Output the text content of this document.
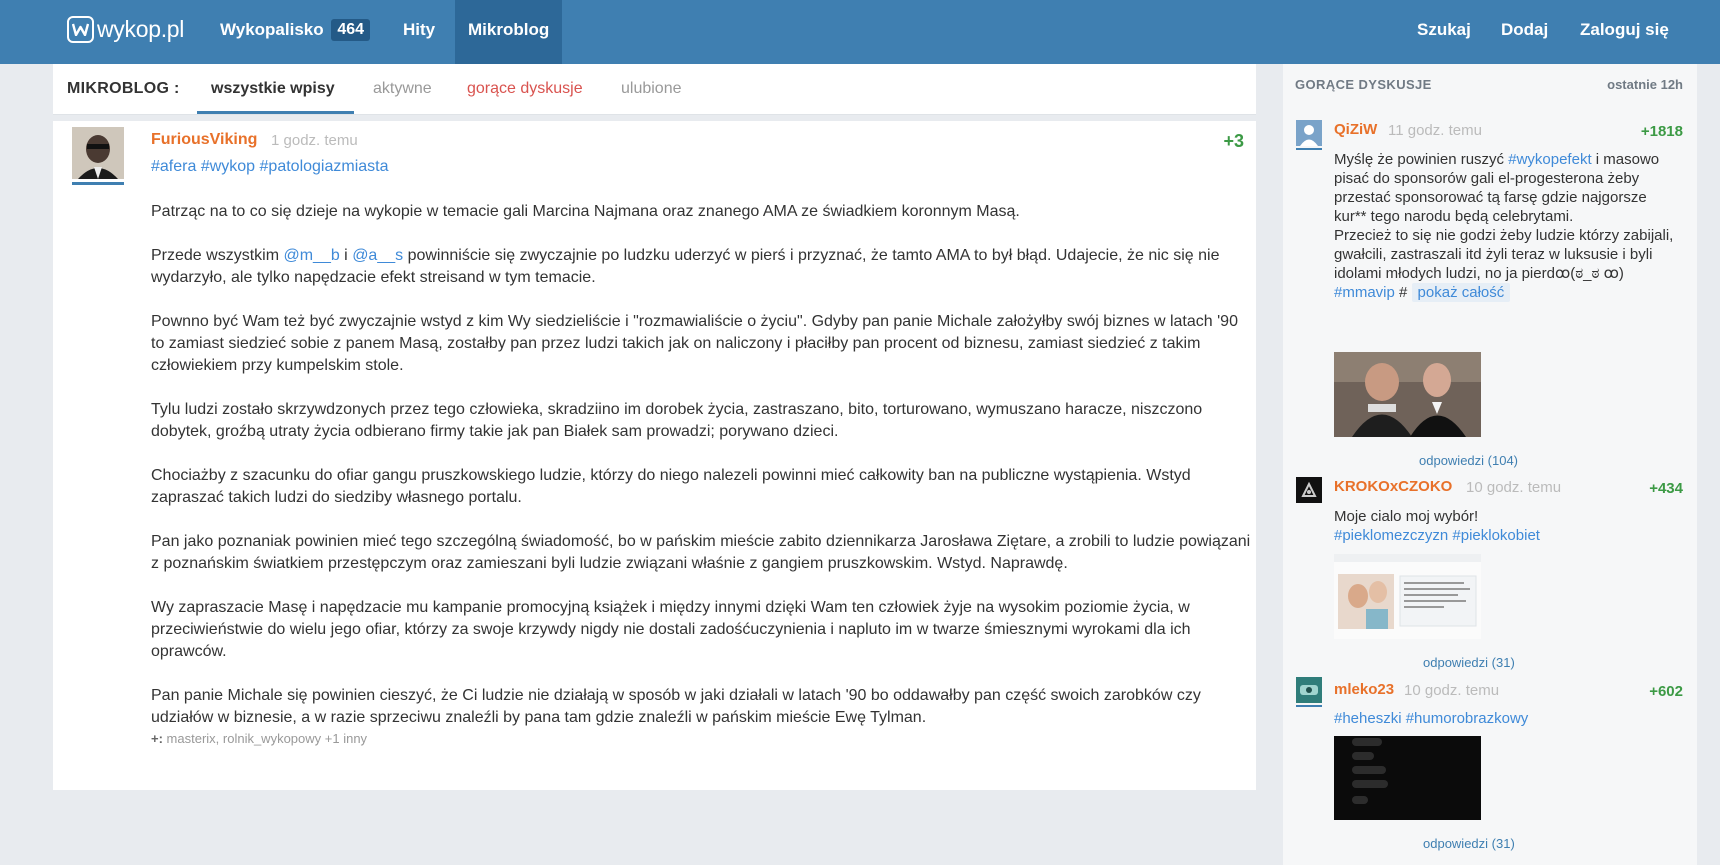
wykop.pl Wykopalisko 464	Hity	Mikroblog	Szukaj Dodaj Zaloguj się
MIKROBLOG : wszystkie wpisy aktywne gorące dyskusje ulubione
FuriousViking 1 godz. temu	+3
#afera #wykop #patologiazmiasta

Patrząc na to co się dzieje na wykopie w temacie gali Marcina Najmana oraz znanego AMA ze świadkiem koronnym Masą.

Przede wszystkim @m__b i @a__s powinniście się zwyczajnie po ludzku uderzyć w pierś i przyznać, że tamto AMA to był błąd. Udajecie, że nic się nie wydarzyło, ale tylko napędzacie efekt streisand w tym temacie.

Pownno być Wam też być zwyczajnie wstyd z kim Wy siedzieliście i "rozmawialiście o życiu". Gdyby pan panie Michale założyłby swój biznes w latach '90 to zamiast siedzieć sobie z panem Masą, zostałby pan przez ludzi takich jak on naliczony i płaciłby pan procent od biznesu, zamiast siedzieć z takim człowiekiem przy kumpelskim stole.

Tylu ludzi zostało skrzywdzonych przez tego człowieka, skradziino im dorobek życia, zastraszano, bito, torturowano, wymuszano haracze, niszczono dobytek, groźbą utraty życia odbierano firmy takie jak pan Białek sam prowadzi; porywano dzieci.

Chociażby z szacunku do ofiar gangu pruszkowskiego ludzie, którzy do niego nalezeli powinni mieć całkowity ban na publiczne wystąpienia. Wstyd zapraszać takich ludzi do siedziby własnego portalu.

Pan jako poznaniak powinien mieć tego szczególną świadomość, bo w pańskim mieście zabito dziennikarza Jarosława Ziętare, a zrobili to ludzie powiązani z poznańskim światkiem przestępczym oraz zamieszani byli ludzie związani właśnie z gangiem pruszkowskim. Wstyd. Naprawdę.

Wy zapraszacie Masę i napędzacie mu kampanie promocyjną książek i między innymi dzięki Wam ten człowiek żyje na wysokim poziomie życia, w przeciwieństwie do wielu jego ofiar, którzy za swoje krzywdy nigdy nie dostali zadośćuczynienia i napluto im w twarze śmiesznymi wyrokami dla ich oprawców.

Pan panie Michale się powinien cieszyć, że Ci ludzie nie działają w sposób w jaki działali w latach '90 bo oddawałby pan część swoich zarobków czy udziałów w biznesie, a w razie sprzeciwu znaleźli by pana tam gdzie znaleźli w pańskim mieście Ewę Tylman.

+: masterix, rolnik_wykopowy +1 inny
GORĄCE DYSKUSJE	ostatnie 12h
QiZiW 11 godz. temu	+1818
Myślę że powinien ruszyć #wykopefekt i masowo pisać do sponsorów gali el-progesterona żeby przestać sponsorować tą farsę gdzie najgorsze kur** tego narodu będą celebrytami.
Przecież to się nie godzi żeby ludzie którzy zabijali, gwałcili, zastraszali itd żyli teraz w luksusie i byli idolami młodych ludzi, no ja pierdꝏ(ಠ_ಠ ꝏ)
#mmavip # pokaż całość
odpowiedzi (104)
KROKOxCZOKO 10 godz. temu	+434
Moje cialo moj wybór!
#pieklomezczyzn #pieklokobiet
odpowiedzi (31)
mleko23 10 godz. temu	+602
#heheszki #humorobrazkowy
odpowiedzi (31)
